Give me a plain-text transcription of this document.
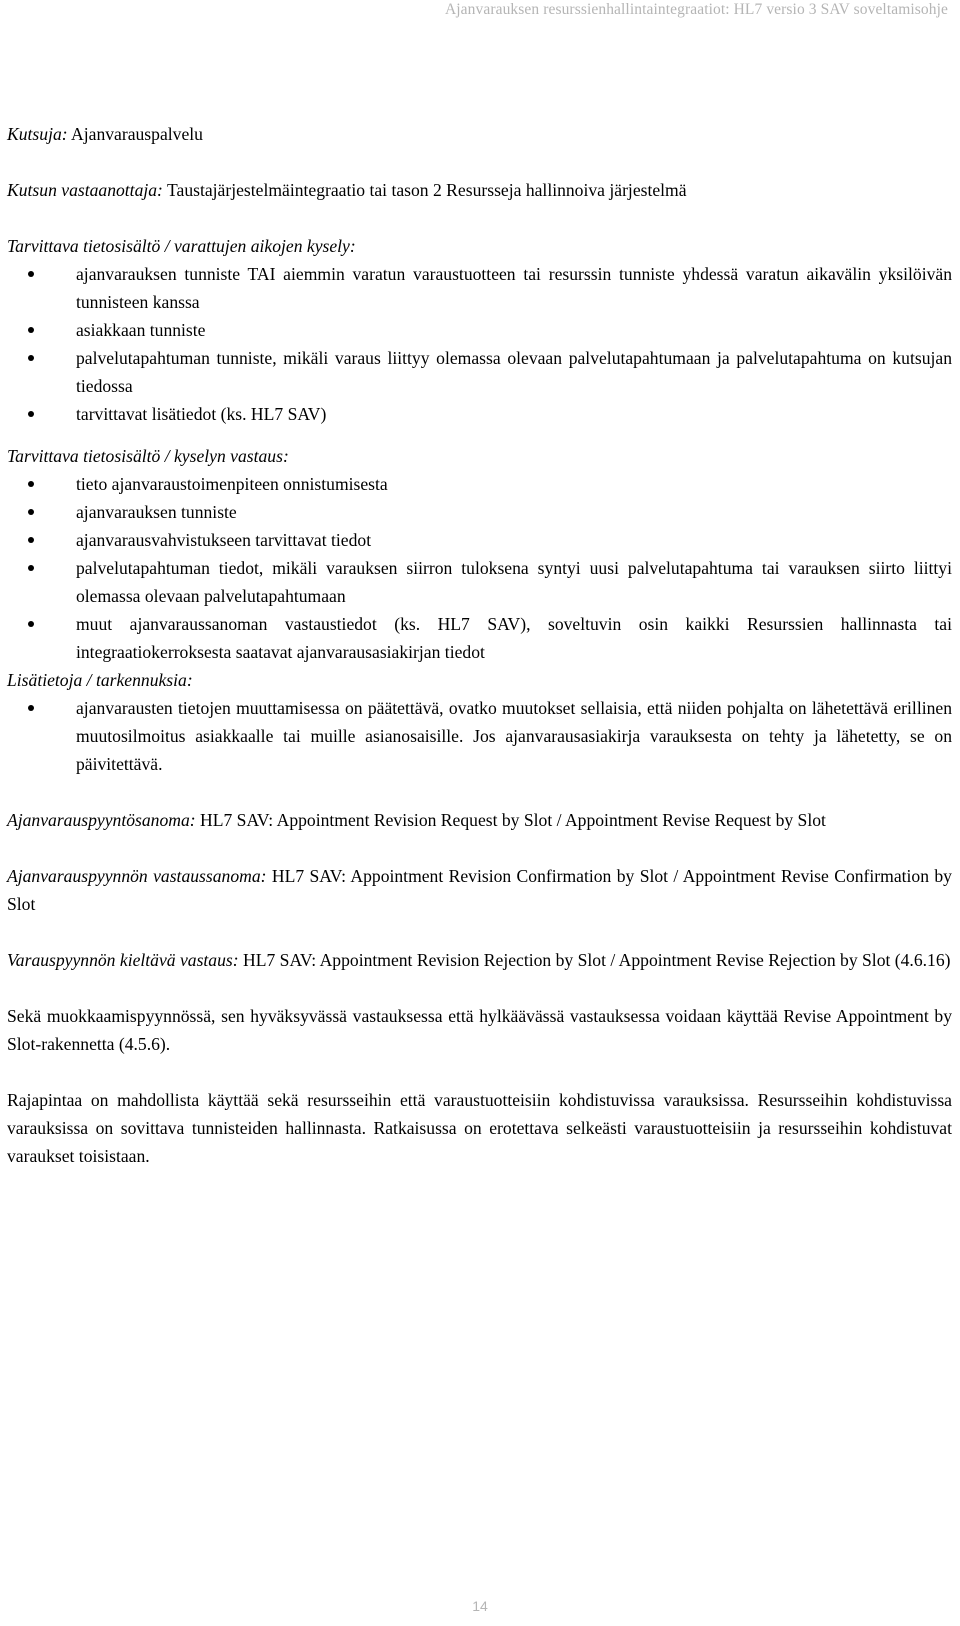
Ajanvarauksen resurssienhallintaintegraatiot: HL7 versio 3 SAV soveltamisohje

Kutsuja: Ajanvarauspalvelu

Kutsun vastaanottaja: Taustajärjestelmäintegraatio tai tason 2 Resursseja hallinnoiva järjestelmä

Tarvittava tietosisältö / varattujen aikojen kysely:

ajanvarauksen tunniste TAI aiemmin varatun varaustuotteen tai resurssin tunniste yhdessä varatun aikavälin yksilöivän tunnisteen kanssa
asiakkaan tunniste
palvelutapahtuman tunniste, mikäli varaus liittyy olemassa olevaan palvelutapahtumaan ja palvelutapahtuma on kutsujan tiedossa
tarvittavat lisätiedot (ks. HL7 SAV)

Tarvittava tietosisältö / kyselyn vastaus:

tieto ajanvaraustoimenpiteen onnistumisesta
ajanvarauksen tunniste
ajanvarausvahvistukseen tarvittavat tiedot
palvelutapahtuman tiedot, mikäli varauksen siirron tuloksena syntyi uusi palvelutapahtuma tai varauksen siirto liittyi olemassa olevaan palvelutapahtumaan
muut ajanvaraussanoman vastaustiedot (ks. HL7 SAV), soveltuvin osin kaikki Resurssien hallinnasta tai integraatiokerroksesta saatavat ajanvarausasiakirjan tiedot

Lisätietoja / tarkennuksia:

ajanvarausten tietojen muuttamisessa on päätettävä, ovatko muutokset sellaisia, että niiden pohjalta on lähetettävä erillinen muutosilmoitus asiakkaalle tai muille asianosaisille. Jos ajanvarausasiakirja varauksesta on tehty ja lähetetty, se on päivitettävä.

Ajanvarauspyyntösanoma: HL7 SAV: Appointment Revision Request by Slot / Appointment Revise Request by Slot

Ajanvarauspyynnön vastaussanoma: HL7 SAV: Appointment Revision Confirmation by Slot / Appointment Revise Confirmation by Slot

Varauspyynnön kieltävä vastaus: HL7 SAV: Appointment Revision Rejection by Slot / Appointment Revise Rejection by Slot (4.6.16)

Sekä muokkaamispyynnössä, sen hyväksyvässä vastauksessa että hylkäävässä vastauksessa voidaan käyttää Revise Appointment by Slot-rakennetta (4.5.6).

Rajapintaa on mahdollista käyttää sekä resursseihin että varaustuotteisiin kohdistuvissa varauksissa. Resursseihin kohdistuvissa varauksissa on sovittava tunnisteiden hallinnasta. Ratkaisussa on erotettava selkeästi varaustuotteisiin ja resursseihin kohdistuvat varaukset toisistaan.

14
